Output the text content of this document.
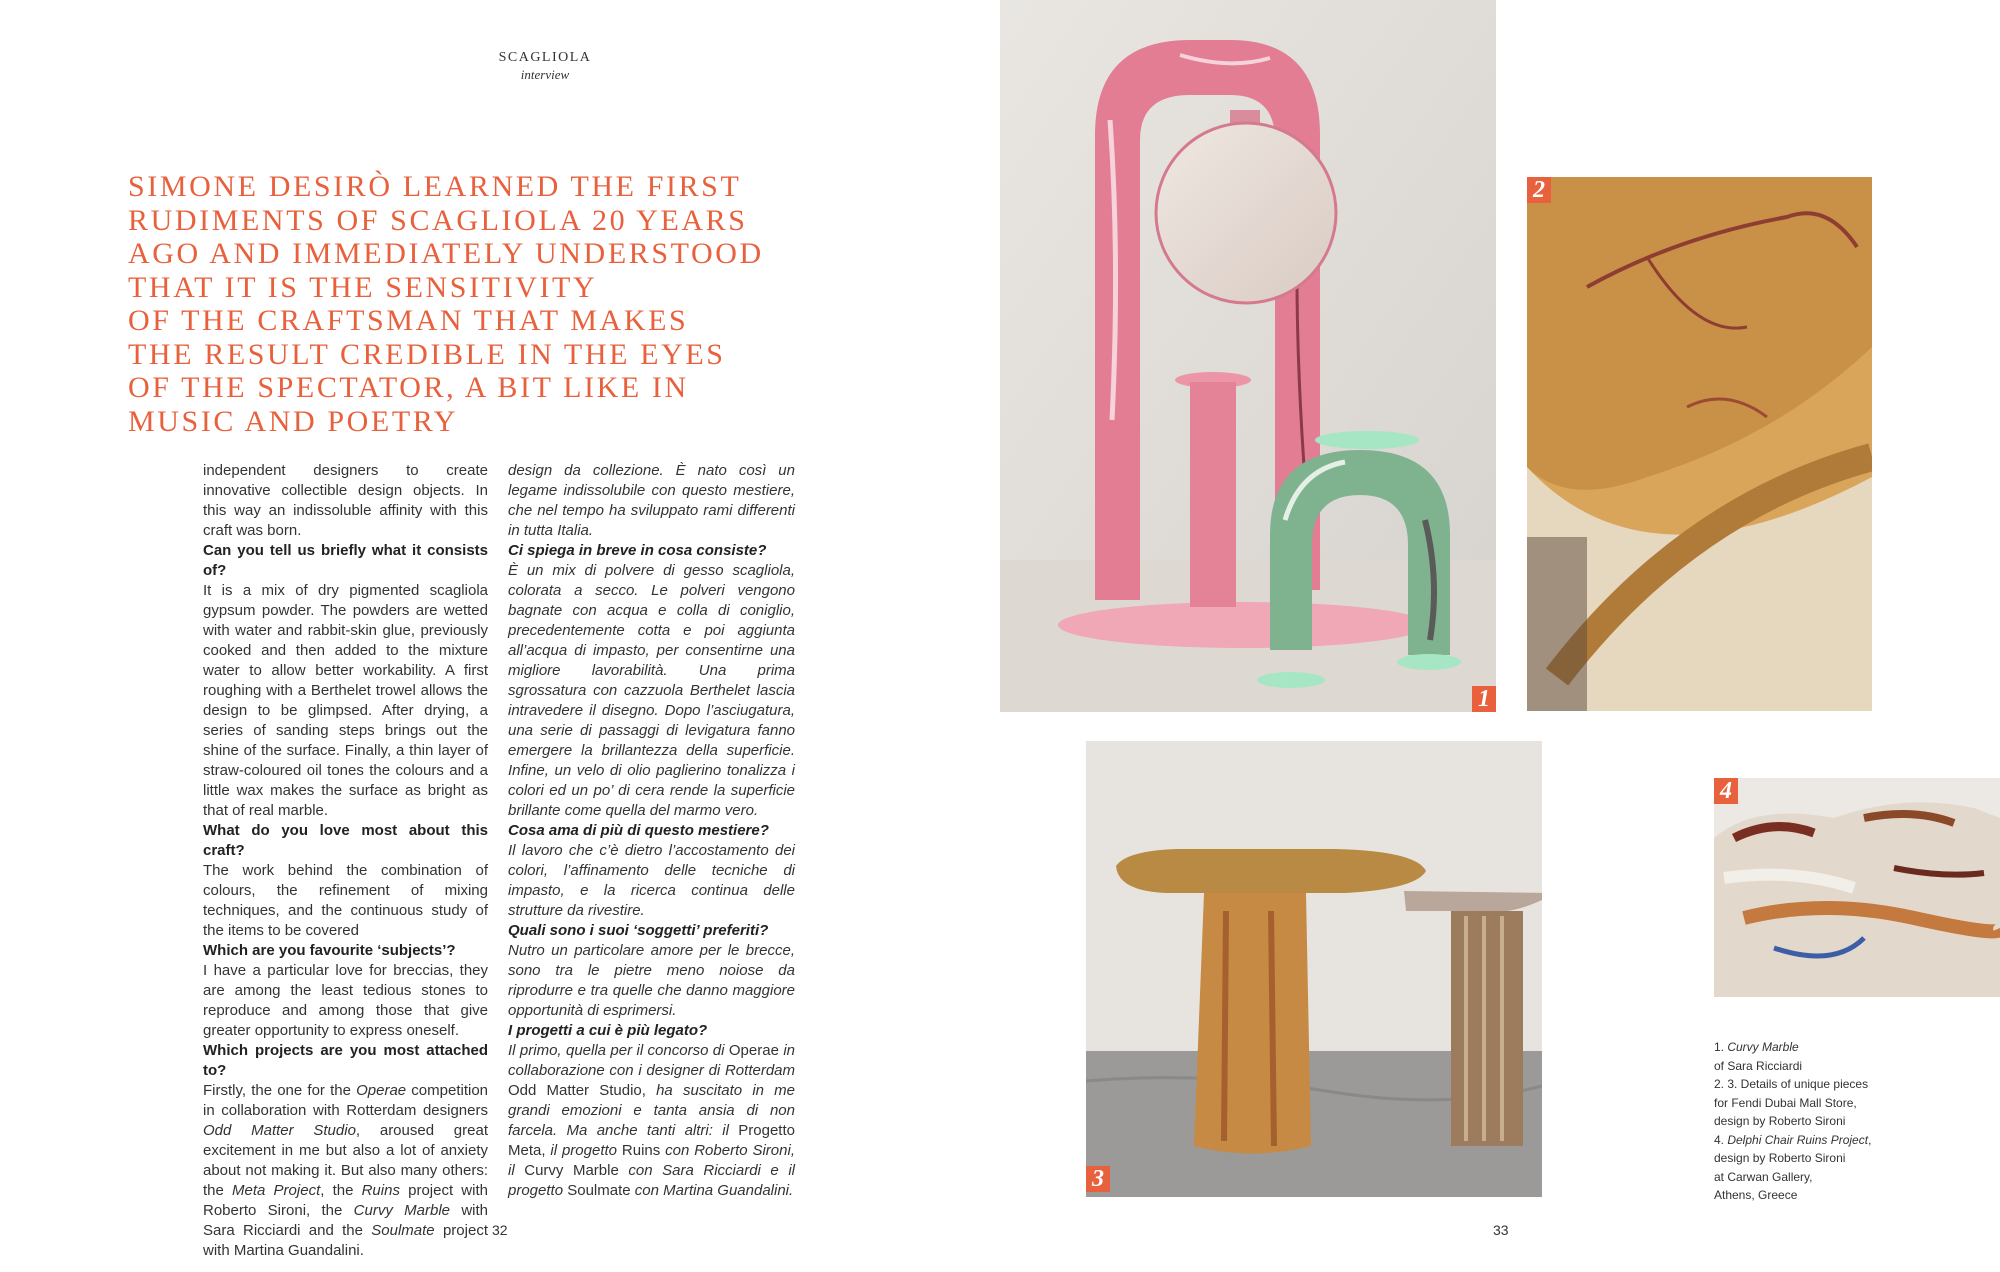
SCAGLIOLA
interview
SIMONE DESIRÒ LEARNED THE FIRST
RUDIMENTS OF SCAGLIOLA 20 YEARS
AGO AND IMMEDIATELY UNDERSTOOD
THAT IT IS THE SENSITIVITY
OF THE CRAFTSMAN THAT MAKES
THE RESULT CREDIBLE IN THE EYES
OF THE SPECTATOR, A BIT LIKE IN
MUSIC AND POETRY

independent designers to create innovative collectible design objects. In this way an indissoluble affinity with this craft was born.

Can you tell us briefly what it consists of?

It is a mix of dry pigmented scagliola gypsum powder. The powders are wetted with water and rabbit-skin glue, previously cooked and then added to the mixture water to allow better workability. A first roughing with a Berthelet trowel allows the design to be glimpsed. After drying, a series of sanding steps brings out the shine of the surface. Finally, a thin layer of straw-coloured oil tones the colours and a little wax makes the surface as bright as that of real marble.

What do you love most about this craft?

The work behind the combination of colours, the refinement of mixing techniques, and the continuous study of the items to be covered

Which are you favourite ‘subjects’?

I have a particular love for breccias, they are among the least tedious stones to reproduce and among those that give greater opportunity to express oneself.

Which projects are you most attached to?

Firstly, the one for the Operae competition in collaboration with Rotterdam designers Odd Matter Studio, aroused great excitement in me but also a lot of anxiety about not making it. But also many others: the Meta Project, the Ruins project with Roberto Sironi, the Curvy Marble with Sara Ricciardi and the Soulmate project with Martina Guandalini.

design da collezione. È nato così un legame indissolubile con questo mestiere, che nel tempo ha sviluppato rami differenti in tutta Italia.

Ci spiega in breve in cosa consiste?

È un mix di polvere di gesso scagliola, colorata a secco. Le polveri vengono bagnate con acqua e colla di coniglio, precedentemente cotta e poi aggiunta all’acqua di impasto, per consentirne una migliore lavorabilità. Una prima sgrossatura con cazzuola Berthelet lascia intravedere il disegno. Dopo l’asciugatura, una serie di passaggi di levigatura fanno emergere la brillantezza della superficie. Infine, un velo di olio paglierino tonalizza i colori ed un po’ di cera rende la superficie brillante come quella del marmo vero.

Cosa ama di più di questo mestiere?

Il lavoro che c’è dietro l’accostamento dei colori, l’affinamento delle tecniche di impasto, e la ricerca continua delle strutture da rivestire.

Quali sono i suoi ‘soggetti’ preferiti?

Nutro un particolare amore per le brecce, sono tra le pietre meno noiose da riprodurre e tra quelle che danno maggiore opportunità di esprimersi.

I progetti a cui è più legato?

Il primo, quella per il concorso di Operae in collaborazione con i designer di Rotterdam Odd Matter Studio, ha suscitato in me grandi emozioni e tanta ansia di non farcela. Ma anche tanti altri: il Progetto Meta, il progetto Ruins con Roberto Sironi, il Curvy Marble con Sara Ricciardi e il progetto Soulmate con Martina Guandalini.

32	33
1
2
3
4

1. Curvy Marble

of Sara Ricciardi

2. 3. Details of unique pieces

for Fendi Dubai Mall Store,

design by Roberto Sironi

4. Delphi Chair Ruins Project,

design by Roberto Sironi

at Carwan Gallery,

Athens, Greece
